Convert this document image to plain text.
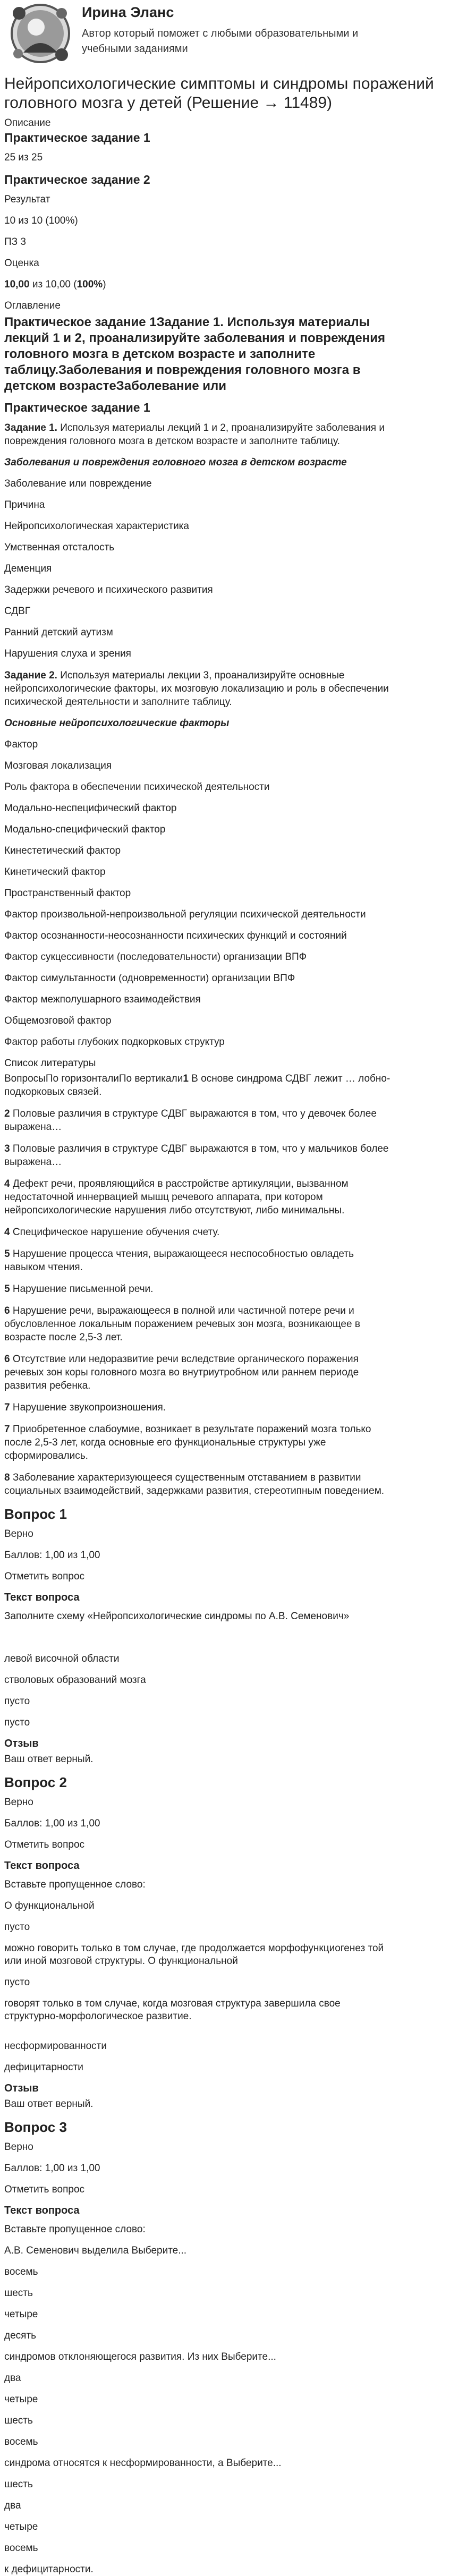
Ирина Эланс
Автор который поможет с любыми образовательными и
учебными заданиями
Нейропсихологические симптомы и синдромы поражений
головного мозга у детей (Решение → 11489)
Описание
Практическое задание 1
25 из 25
Практическое задание 2
Результат
10 из 10 (100%)
ПЗ 3
Оценка
10,00 из 10,00 (100%)
Оглавление
Практическое задание 1Задание 1. Используя материалы
лекций 1 и 2, проанализируйте заболевания и повреждения
головного мозга в детском возрасте и заполните
таблицу.Заболевания и повреждения головного мозга в
детском возрастеЗаболевание или
Практическое задание 1

Задание 1. Используя материалы лекций 1 и 2, проанализируйте заболевания и
повреждения головного мозга в детском возрасте и заполните таблицу.

Заболевания и повреждения головного мозга в детском возрасте
Заболевание или повреждение
Причина
Нейропсихологическая характеристика
Умственная отсталость
Деменция
Задержки речевого и психического развития
СДВГ
Ранний детский аутизм
Нарушения слуха и зрения

Задание 2. Используя материалы лекции 3, проанализируйте основные
нейропсихологические факторы, их мозговую локализацию и роль в обеспечении
психической деятельности и заполните таблицу.

Основные нейропсихологические факторы
Фактор
Мозговая локализация
Роль фактора в обеспечении психической деятельности
Модально-неспецифический фактор
Модально-специфический фактор
Кинестетический фактор
Кинетический фактор
Пространственный фактор
Фактор произвольной-непроизвольной регуляции психической деятельности
Фактор осознанности-неосознанности психических функций и состояний
Фактор сукцессивности (последовательности) организации ВПФ
Фактор симультанности (одновременности) организации ВПФ
Фактор межполушарного взаимодействия
Общемозговой фактор
Фактор работы глубоких подкорковых структур
Список литературы

ВопросыПо горизонталиПо вертикали1 В основе синдрома СДВГ лежит … лобно-
подкорковых связей.

2 Половые различия в структуре СДВГ выражаются в том, что у девочек более
выражена…

3 Половые различия в структуре СДВГ выражаются в том, что у мальчиков более
выражена…

4 Дефект речи, проявляющийся в расстройстве артикуляции, вызванном
недостаточной иннервацией мышц речевого аппарата, при котором
нейропсихологические нарушения либо отсутствуют, либо минимальны.

4 Специфическое нарушение обучения счету.

5 Нарушение процесса чтения, выражающееся неспособностью овладеть
навыком чтения.

5 Нарушение письменной речи.

6 Нарушение речи, выражающееся в полной или частичной потере речи и
обусловленное локальным поражением речевых зон мозга, возникающее в
возрасте после 2,5-3 лет.

6 Отсутствие или недоразвитие речи вследствие органического поражения
речевых зон коры головного мозга во внутриутробном или раннем периоде
развития ребенка.

7 Нарушение звукопроизношения.

7 Приобретенное слабоумие, возникает в результате поражений мозга только
после 2,5-3 лет, когда основные его функциональные структуры уже
сформировались.

8 Заболевание характеризующееся существенным отставанием в развитии
социальных взаимодействий, задержками развития, стереотипным поведением.

Вопрос 1
Верно
Баллов: 1,00 из 1,00
Отметить вопрос
Текст вопроса
Заполните схему «Нейропсихологические синдромы по А.В. Семенович»
левой височной области
стволовых образований мозга
пусто
пусто
Отзыв
Ваш ответ верный.
Вопрос 2
Верно
Баллов: 1,00 из 1,00
Отметить вопрос
Текст вопроса
Вставьте пропущенное слово:
О функциональной
пусто
можно говорить только в том случае, где продолжается морфофункциогенез той
или иной мозговой структуры. О функциональной
пусто
говорят только в том случае, когда мозговая структура завершила свое
структурно-морфологическое развитие.
несформированности
дефицитарности
Отзыв
Ваш ответ верный.
Вопрос 3
Верно
Баллов: 1,00 из 1,00
Отметить вопрос
Текст вопроса
Вставьте пропущенное слово:
А.В. Семенович выделила Выберите...
восемь
шесть
четыре
десять
синдромов отклоняющегося развития. Из них Выберите...
два
четыре
шесть
восемь
синдрома относятся к несформированности, а Выберите...
шесть
два
четыре
восемь
к дефицитарности.
